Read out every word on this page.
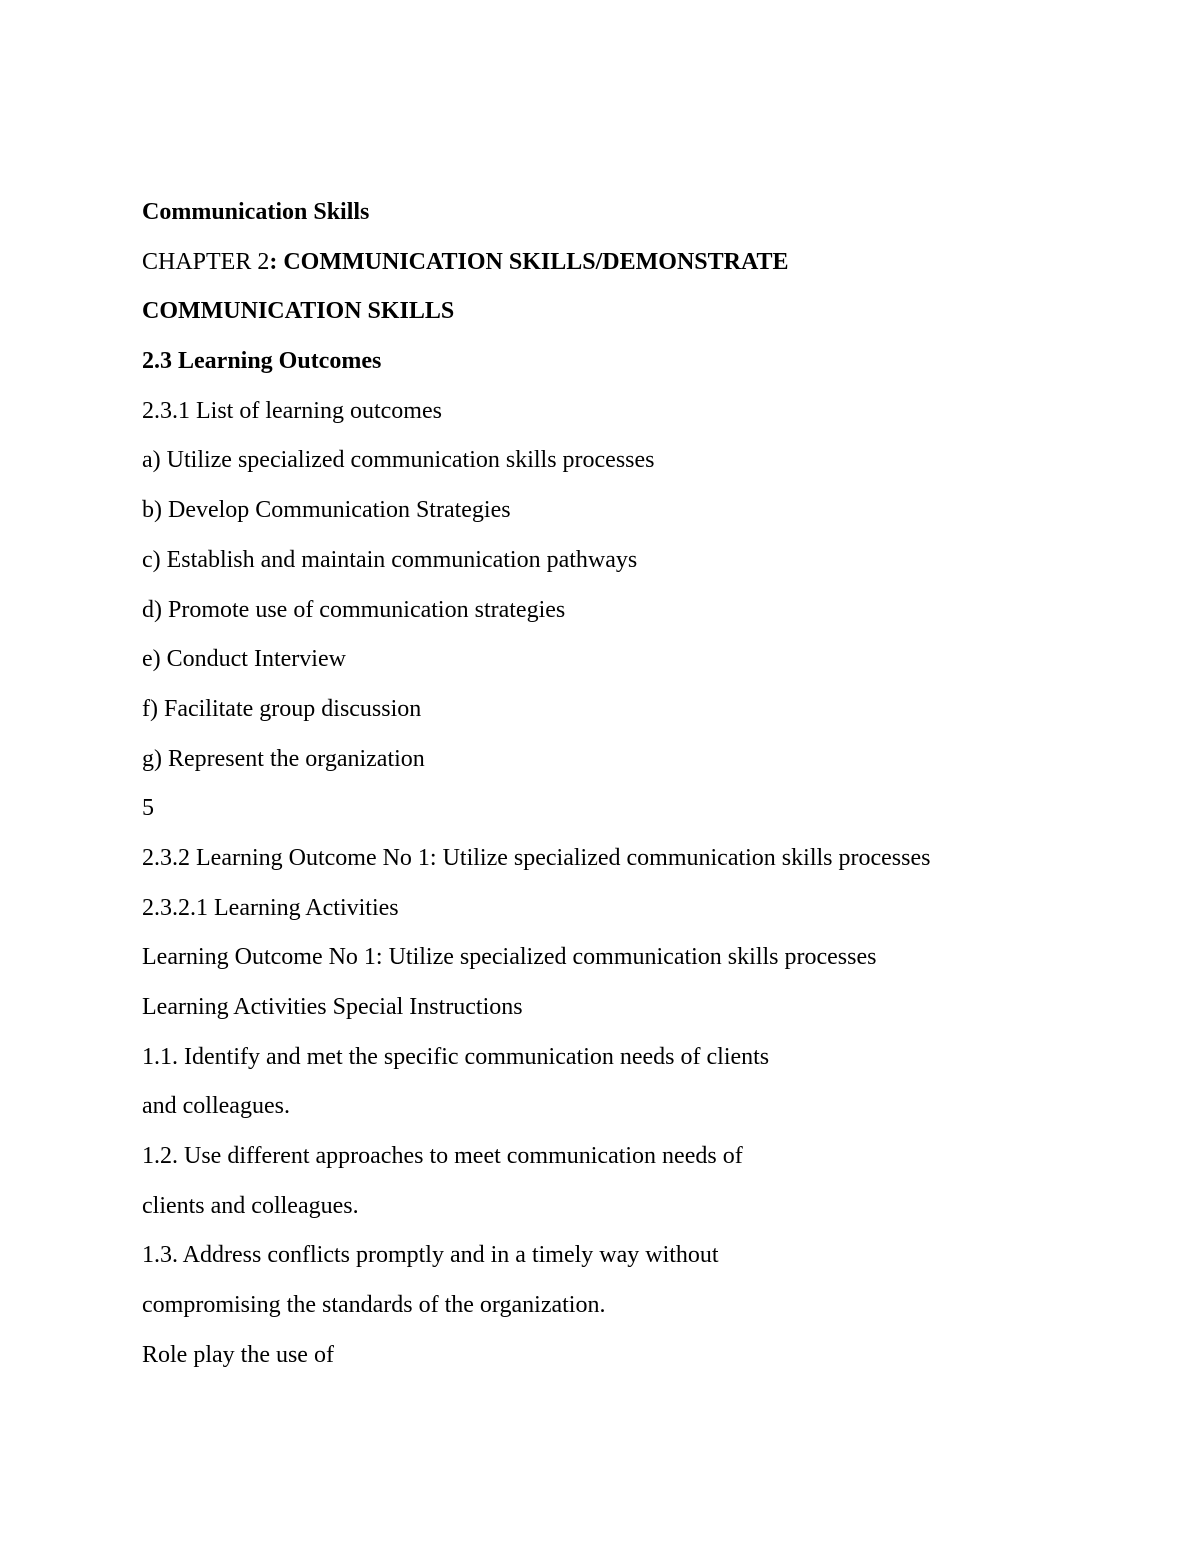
Communication Skills
CHAPTER 2: COMMUNICATION SKILLS/DEMONSTRATE
COMMUNICATION SKILLS
2.3 Learning Outcomes
2.3.1 List of learning outcomes
a) Utilize specialized communication skills processes
b) Develop Communication Strategies
c) Establish and maintain communication pathways
d) Promote use of communication strategies
e) Conduct Interview
f) Facilitate group discussion
g) Represent the organization
5
2.3.2 Learning Outcome No 1: Utilize specialized communication skills processes
2.3.2.1 Learning Activities
Learning Outcome No 1: Utilize specialized communication skills processes
Learning Activities Special Instructions
1.1. Identify and met the specific communication needs of clients
and colleagues.
1.2. Use different approaches to meet communication needs of
clients and colleagues.
1.3. Address conflicts promptly and in a timely way without
compromising the standards of the organization.
Role play the use of
